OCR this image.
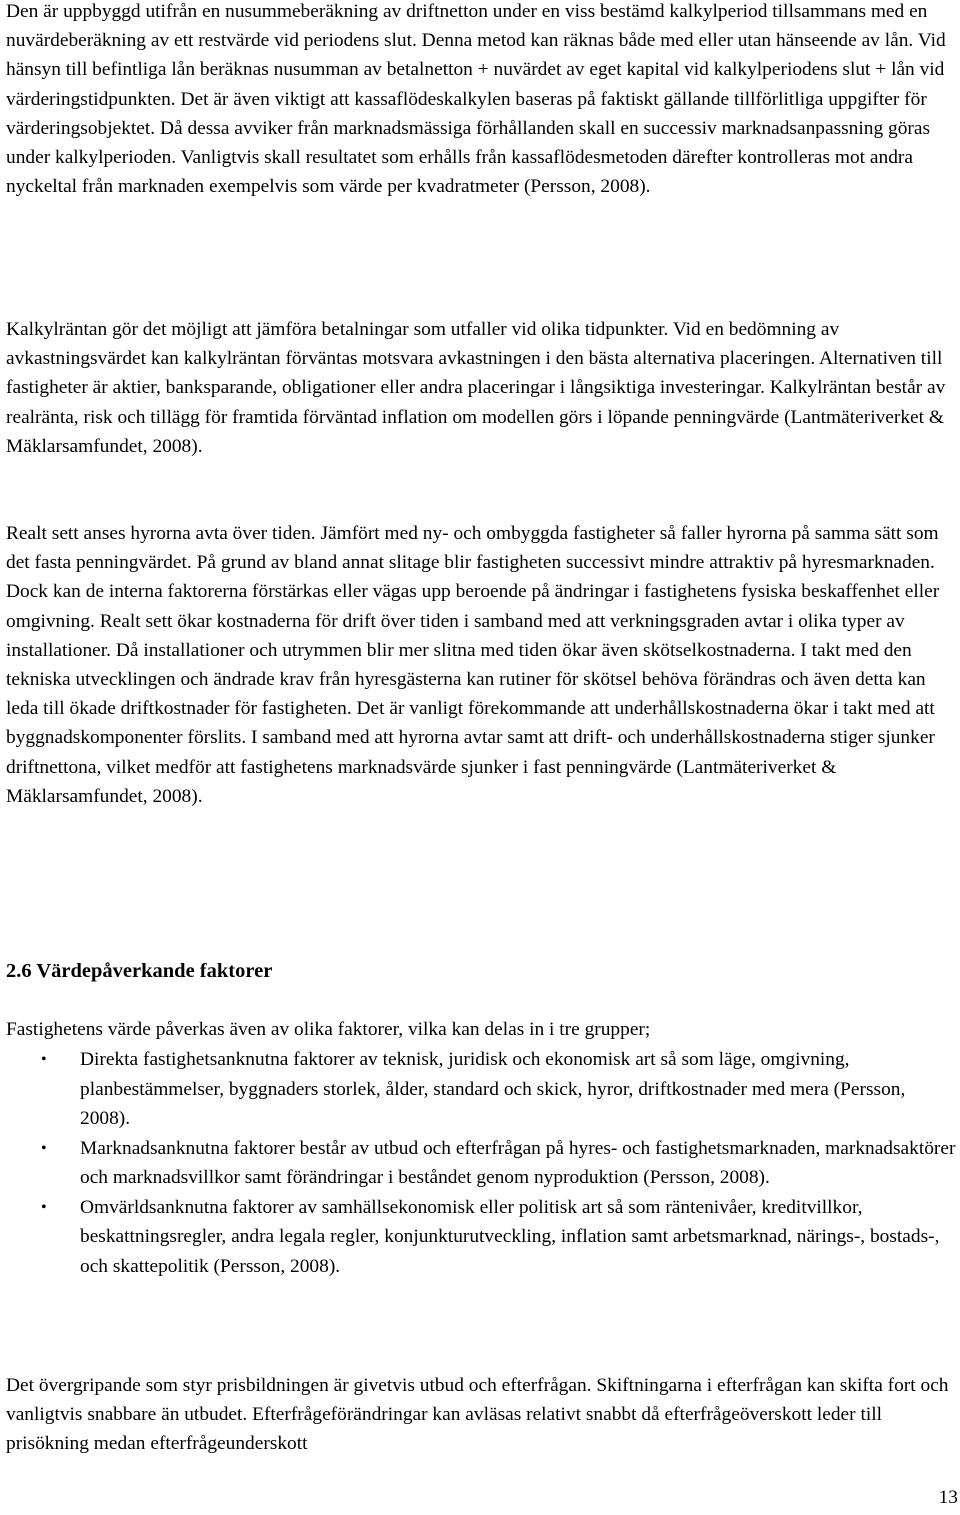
Den är uppbyggd utifrån en nusummeberäkning av driftnetton under en viss bestämd kalkylperiod tillsammans med en nuvärdeberäkning av ett restvärde vid periodens slut. Denna metod kan räknas både med eller utan hänseende av lån. Vid hänsyn till befintliga lån beräknas nusumman av betalnetton + nuvärdet av eget kapital vid kalkylperiodens slut + lån vid värderingstidpunkten. Det är även viktigt att kassaflödeskalkylen baseras på faktiskt gällande tillförlitliga uppgifter för värderingsobjektet. Då dessa avviker från marknadsmässiga förhållanden skall en successiv marknadsanpassning göras under kalkylperioden. Vanligtvis skall resultatet som erhålls från kassaflödesmetoden därefter kontrolleras mot andra nyckeltal från marknaden exempelvis som värde per kvadratmeter (Persson, 2008).

Kalkylräntan gör det möjligt att jämföra betalningar som utfaller vid olika tidpunkter. Vid en bedömning av avkastningsvärdet kan kalkylräntan förväntas motsvara avkastningen i den bästa alternativa placeringen. Alternativen till fastigheter är aktier, banksparande, obligationer eller andra placeringar i långsiktiga investeringar. Kalkylräntan består av realränta, risk och tillägg för framtida förväntad inflation om modellen görs i löpande penningvärde (Lantmäteriverket & Mäklarsamfundet, 2008).

Realt sett anses hyrorna avta över tiden. Jämfört med ny- och ombyggda fastigheter så faller hyrorna på samma sätt som det fasta penningvärdet. På grund av bland annat slitage blir fastigheten successivt mindre attraktiv på hyresmarknaden. Dock kan de interna faktorerna förstärkas eller vägas upp beroende på ändringar i fastighetens fysiska beskaffenhet eller omgivning. Realt sett ökar kostnaderna för drift över tiden i samband med att verkningsgraden avtar i olika typer av installationer. Då installationer och utrymmen blir mer slitna med tiden ökar även skötselkostnaderna. I takt med den tekniska utvecklingen och ändrade krav från hyresgästerna kan rutiner för skötsel behöva förändras och även detta kan leda till ökade driftkostnader för fastigheten. Det är vanligt förekommande att underhållskostnaderna ökar i takt med att byggnadskomponenter förslits. I samband med att hyrorna avtar samt att drift- och underhållskostnaderna stiger sjunker driftnettona, vilket medför att fastighetens marknadsvärde sjunker i fast penningvärde (Lantmäteriverket & Mäklarsamfundet, 2008).

2.6 Värdepåverkande faktorer

Fastighetens värde påverkas även av olika faktorer, vilka kan delas in i tre grupper;

• Direkta fastighetsanknutna faktorer av teknisk, juridisk och ekonomisk art så som läge, omgivning, planbestämmelser, byggnaders storlek, ålder, standard och skick, hyror, driftkostnader med mera (Persson, 2008).
• Marknadsanknutna faktorer består av utbud och efterfrågan på hyres- och fastighetsmarknaden, marknadsaktörer och marknadsvillkor samt förändringar i beståndet genom nyproduktion (Persson, 2008).
• Omvärldsanknutna faktorer av samhällsekonomisk eller politisk art så som räntenivåer, kreditvillkor, beskattningsregler, andra legala regler, konjunkturutveckling, inflation samt arbetsmarknad, närings-, bostads-, och skattepolitik (Persson, 2008).

Det övergripande som styr prisbildningen är givetvis utbud och efterfrågan. Skiftningarna i efterfrågan kan skifta fort och vanligtvis snabbare än utbudet. Efterfrågeförändringar kan avläsas relativt snabbt då efterfrågeöverskott leder till prisökning medan efterfrågeunderskott

13
